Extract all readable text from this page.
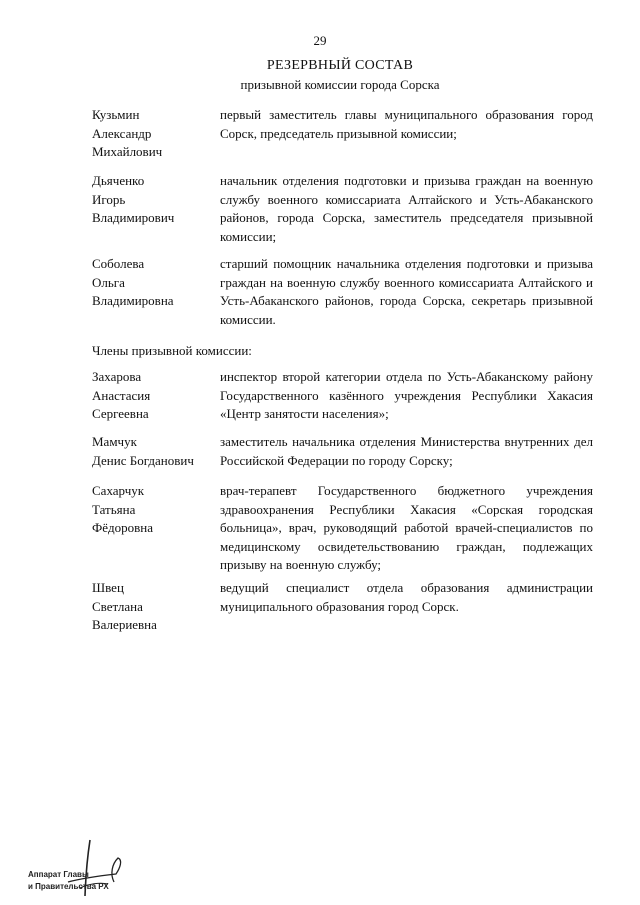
29
РЕЗЕРВНЫЙ СОСТАВ
призывной комиссии города Сорска
Кузьмин
Александр
Михайлович
первый заместитель главы муниципального образования город Сорск, председатель призывной комиссии;
Дьяченко
Игорь
Владимирович
начальник отделения подготовки и призыва граждан на военную службу военного комиссариата Алтайского и Усть-Абаканского районов, города Сорска, заместитель председателя призывной комиссии;
Соболева
Ольга
Владимировна
старший помощник начальника отделения подготовки и призыва граждан на военную службу военного комиссариата Алтайского и Усть-Абаканского районов, города Сорска, секретарь призывной комиссии.
Члены призывной комиссии:
Захарова
Анастасия
Сергеевна
инспектор второй категории отдела по Усть-Абаканскому району Государственного казённого учреждения Республики Хакасия «Центр занятости населения»;
Мамчук
Денис Богданович
заместитель начальника отделения Министерства внутренних дел Российской Федерации по городу Сорску;
Сахарчук
Татьяна
Фёдоровна
врач-терапевт Государственного бюджетного учреждения здравоохранения Республики Хакасия «Сорская городская больница», врач, руководящий работой врачей-специалистов по медицинскому освидетельствованию граждан, подлежащих призыву на военную службу;
Швец
Светлана
Валериевна
ведущий специалист отдела образования администрации муниципального образования город Сорск.
Аппарат Главы
и Правительства РХ
